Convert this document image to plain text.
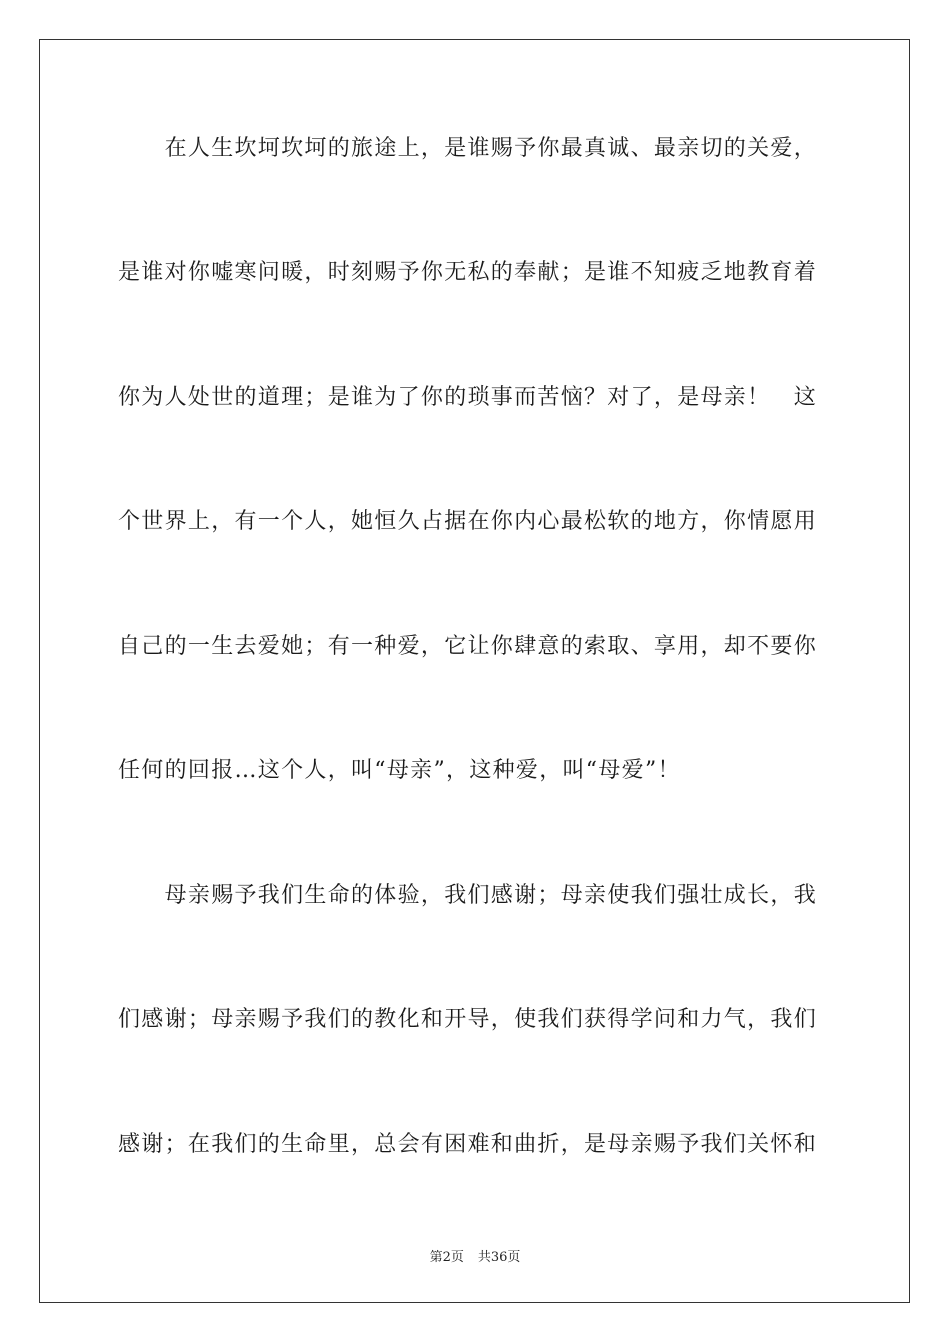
　　在人生坎坷坎坷的旅途上，是谁赐予你最真诚、最亲切的关爱，
是谁对你嘘寒问暖，时刻赐予你无私的奉献；是谁不知疲乏地教育着
你为人处世的道理；是谁为了你的琐事而苦恼？对了，是母亲！　这
个世界上，有一个人，她恒久占据在你内心最松软的地方，你情愿用
自己的一生去爱她；有一种爱，它让你肆意的索取、享用，却不要你
任何的回报…这个人，叫“母亲”，这种爱，叫“母爱”！
　　母亲赐予我们生命的体验，我们感谢；母亲使我们强壮成长，我
们感谢；母亲赐予我们的教化和开导，使我们获得学问和力气，我们
感谢；在我们的生命里，总会有困难和曲折，是母亲赐予我们关怀和
第2页 共36页
